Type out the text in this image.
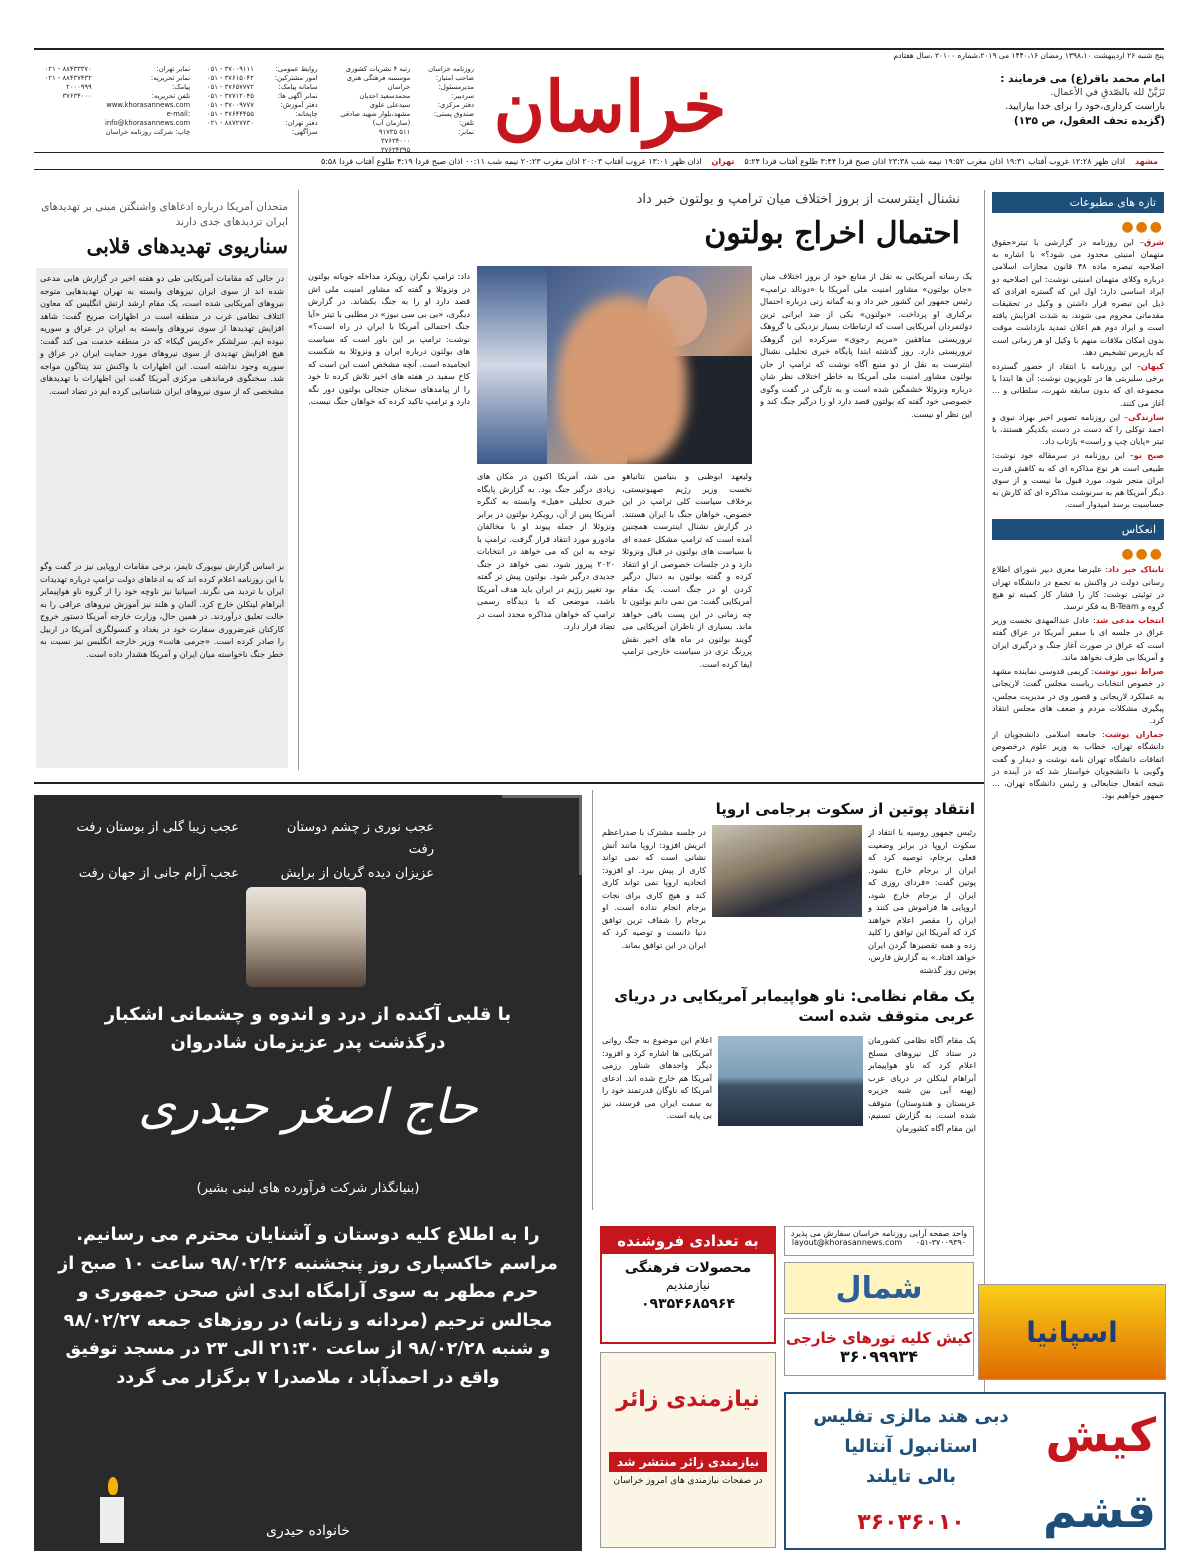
پنج شنبه ۲۶ اردیبهشت ۱۳۹۸،۱۰ رمضان ۱۴۴۰،۱۶ می ۲۰۱۹،شماره ۲۰۱۰۰ ،سال هفتادم
خراسان	امام محمد باقر(ع) می فرمایند :
تَزَيَّنْ لله بالصّدقِ في الأعمال.
باراست کرداری،خود را برای خدا بیارایید.
(گزیده تحف العقول، ص ۱۳۵)
روزنامه خراسان
صاحب امتیاز:
مدیرمسئول:
سردبیر:
دفتر مرکزی:
صندوق پستی:
تلفن:
نمابر:
رتبه ۴ نشریات کشوری
موسسه فرهنگی هنری خراسان
محمدسعید احدیان
سیدعلی علوی
مشهد،بلوار شهید صادقی (سازمان آب)
۵۱۱ ۹۱۷۳۵
۳۷۶۳۴۰۰۰
۳۷۶۳۴۳۹۵
روابط عمومی:
امور مشترکین:
سامانه پیامک:
نمابر آگهی ها:
دفتر آموزش:
چاپخانه:
دفتر تهران:
سرآگهی:
۳۷۰۰۹۱۱۱ - ۰۵۱
۳۷۶۱۵۰۴۲ - ۰۵۱
۳۷۶۵۷۷۷۲ - ۰۵۱
۳۷۷۱۲۰۴۵ - ۰۵۱
۳۷۰۰۹۷۷۷ - ۰۵۱
۳۷۶۴۴۴۵۵ - ۰۵۱
۸۸۷۲۷۷۳۰ - ۰۲۱
نمابر تهران:
نمابر تحریریه:
پیامک:
تلفن تحریریه:
www.khorasannews.com
e-mail: info@khorasannews.com
چاپ: شرکت روزنامه خراسان
۸۸۴۳۳۳۷۰ - ۰۲۱
۸۸۴۳۷۴۳۲ - ۰۲۱
۲۰۰۰۹۹۹
۳۷۶۳۴۰۰۰
مشهد
اذان ظهر ۱۲:۲۸ غروب آفتاب ۱۹:۳۱ اذان مغرب ۱۹:۵۲ نیمه شب ۲۳:۳۸ اذان صبح فردا ۳:۴۴ طلوع آفتاب فردا ۵:۲۴
تهران
اذان ظهر ۱۳:۰۱ غروب آفتاب ۲۰:۰۳ اذان مغرب ۲۰:۲۳ نیمه شب ۰۰:۱۱ اذان صبح فردا ۴:۱۹ طلوع آفتاب فردا ۵:۵۸
تازه های مطبوعات
●●●
شرق– این روزنامه در گزارشی با تیتر«حقوق متهمان امنیتی محدود می شود؟» با اشاره به اصلاحیه تبصره ماده ۴۸ قانون مجازات اسلامی درباره وکلای متهمان امنیتی نوشت: این اصلاحیه دو ایراد اساسی دارد؛ اول این که گستره افرادی که ذیل این تبصره قرار داشتن و وکیل در تحقیقات مقدماتی محروم می شوند، به شدت افزایش یافته است و ایراد دوم هم اعلان تمدید بازداشت موقت بدون امکان ملاقات منهم با وکیل او هر زمانی است که بازپرس تشخیص دهد.
کیهان– این روزنامه با انتقاد از حضور گسترده برخی سلبریتی ها در تلویزیون نوشت: آن ها ابتدا با مجموعه ای که بدون سابقه شهرت، سلطانی و ... آغاز می کنند.
سازندگی– این روزنامه تصویر اخیر بهزاد نبوی و احمد توکلی را که دست در دست بکدیگر هستند، با تیتر «پایان چپ و راست» بازتاب داد.
صبح نو– این روزنامه در سرمقاله خود نوشت: طبیعی است هر نوع مذاکره ای که به کاهش قدرت ایران منجر شود، مورد قبول ما نیست و از سوی دیگر آمریکا هم به سرنوشت مذاکره ای که کارش به حساسیت برسد امیدوار است.
انعکاس
●●●
تابناک خبر داد: علیرضا معزی دبیر شورای اطلاع رسانی دولت در واکنش به تجمع در دانشگاه تهران در توئیتی نوشت: کار را فشار کار کمیته تو هیچ گروه و B-Team به فکر نرسد.
انتخاب مدعی شد: عادل عبدالمهدی نخست وزیر عراق در جلسه ای با سفیر آمریکا در عراق گفته است که عراق در صورت آغاز جنگ و درگیری ایران و آمریکا بی طرف نخواهد ماند.
صراط نیوز نوشت: کریمی قدوسی نماینده مشهد در خصوص انتخابات ریاست مجلس گفت: لاریجانی به عملکرد لاریجانی و قصور وی در مدیریت مجلس، پیگیری مشکلات مردم و ضعف های مجلس انتقاد کرد.
جماران نوشت: جامعه اسلامی دانشجویان از دانشگاه تهران، خطاب به وزیر علوم درخصوص اتفاقات دانشگاه تهران نامه نوشت و دیدار و گفت وگویی با دانشجویان خواستار شد که در آینده در نتیجه انفعال جنابعالی و رئیس دانشگاه تهران، ... جمهور خواهیم بود.
نشنال اینترست از بروز اختلاف میان ترامپ و بولتون خبر داد
احتمال اخراج بولتون
یک رسانه آمریکایی به نقل از منابع خود از بروز اختلاف میان «جان بولتون» مشاور امنیت ملی آمریکا با «دونالد ترامپ» رئیس جمهور این کشور خبر داد و به گمانه زنی درباره احتمال برکناری او پرداخت. «بولتون» یکی از ضد ایرانی ترین دولتمردان آمریکایی است که ارتباطات بسیار نزدیکی با گروهک تروریستی منافقین «مریم رجوی» سرکرده این گروهک تروریستی دارد. روز گذشته ابتدا پایگاه خبری تحلیلی نشنال اینترست به نقل از دو منبع آگاه نوشت که ترامپ از جان بولتون مشاور امنیت ملی آمریکا به خاطر اختلاف نظر شان درباره ونزوئلا خشمگین شده است و به تازگی در گفت وگوی خصوصی خود گفته که بولتون قصد دارد او را درگیر جنگ کند و این نظر او نیست.
ولیعهد ابوظبی و بنیامین نتانیاهو نخست وزیر رژیم صهیونیستی، برخلاف سیاست کلی ترامپ در این خصوص، خواهان جنگ با ایران هستند. در گزارش نشنال اینترست همچنین آمده است که ترامپ مشکل عمده ای با سیاست های بولتون در قبال ونزوئلا دارد و در جلسات خصوصی از او انتقاد کرده و گفته بولتون به دنبال درگیر کردن او در جنگ است. یک مقام آمریکایی گفت: من نمی دانم بولتون تا چه زمانی در این پست باقی خواهد ماند. بسیاری از ناظران آمریکایی می گویند بولتون در ماه های اخیر نقش پررنگ تری در سیاست خارجی ترامپ ایفا کرده است.
می شد، آمریکا اکنون در مکان های زیادی درگیر جنگ بود. به گزارش پایگاه خبری تحلیلی «هیل» وابسته به کنگره آمریکا پس از آن، رویکرد بولتون در برابر ونزوئلا از جمله پیوند او با مخالفان مادورو مورد انتقاد قرار گرفت. ترامپ با توجه به این که می خواهد در انتخابات ۲۰۲۰ پیروز شود، نمی خواهد در جنگ جدیدی درگیر شود. بولتون پیش تر گفته بود تغییر رژیم در ایران باید هدف آمریکا باشد، موضعی که با دیدگاه رسمی ترامپ که خواهان مذاکره مجدد است در تضاد قرار دارد.
داد: ترامپ نگران رویکرد مداخله جویانه بولتون در ونزوئلا و گفته که مشاور امنیت ملی اش قصد دارد او را به جنگ بکشاند. در گزارش دیگری، «بی بی سی نیوز» در مطلبی با تیتر «آیا جنگ احتمالی آمریکا با ایران در راه است؟» نوشت: ترامپ بر این باور است که سیاست های بولتون درباره ایران و ونزوئلا به شکست انجامیده است. آنچه مشخص است این است که کاخ سفید در هفته های اخیر تلاش کرده تا خود را از پیامدهای سخنان جنجالی بولتون دور نگه دارد و ترامپ تاکید کرده که خواهان جنگ نیست.
متحدان آمریکا درباره ادعاهای واشنگتن مبنی بر تهدیدهای ایران تردیدهای جدی دارند
سناریوی تهدیدهای قلابی
در حالی که مقامات آمریکایی طی دو هفته اخیر در گزارش هایی مدعی شده اند از سوی ایران نیروهای وابسته به تهران تهدیدهایی متوجه نیروهای آمریکایی شده است، یک مقام ارشد ارتش انگلیس که معاون ائتلاف نظامی غرب در منطقه است در اظهارات صریح گفت: شاهد افزایش تهدیدها از سوی نیروهای وابسته به ایران در عراق و سوریه نبوده ایم. سرلشکر «کریس گیکا» که در منطقه خدمت می کند گفت: هیچ افزایش تهدیدی از سوی نیروهای مورد حمایت ایران در عراق و سوریه وجود نداشته است. این اظهارات با واکنش تند پنتاگون مواجه شد. سخنگوی فرماندهی مرکزی آمریکا گفت این اظهارات با تهدیدهای مشخصی که از سوی نیروهای ایران شناسایی کرده ایم در تضاد است.
بر اساس گزارش نیویورک تایمز، برخی مقامات اروپایی نیز در گفت وگو با این روزنامه اعلام کرده اند که به ادعاهای دولت ترامپ درباره تهدیدات ایران با تردید می نگرند. اسپانیا نیز ناوچه خود را از گروه ناو هواپیمابر آبراهام لینکلن خارج کرد. آلمان و هلند نیز آموزش نیروهای عراقی را به حالت تعلیق درآوردند. در همین حال، وزارت خارجه آمریکا دستور خروج کارکنان غیرضروری سفارت خود در بغداد و کنسولگری آمریکا در اربیل را صادر کرده است. «جرمی هانت» وزیر خارجه انگلیس نیز نسبت به خطر جنگ ناخواسته میان ایران و آمریکا هشدار داده است.
عجب نوری ز چشم دوستان رفت
عجب زیبا گلی از بوستان رفت
عزیزان دیده گریان از برایش
عجب آرام جانی از جهان رفت
با قلبی آکنده از درد و اندوه و چشمانی اشکبار
درگذشت پدر عزیزمان شادروان
حاج اصغر حیدری
(بنیانگذار شرکت فرآورده های لبنی بشیر)
را به اطلاع کلیه دوستان و آشنایان محترم می رسانیم. مراسم خاکسپاری روز پنجشنبه ۹۸/۰۲/۲۶ ساعت ۱۰ صبح از حرم مطهر به سوی آرامگاه ابدی اش صحن جمهوری و مجالس ترحیم (مردانه و زنانه) در روزهای جمعه ۹۸/۰۲/۲۷ و شنبه ۹۸/۰۲/۲۸ از ساعت ۲۱:۳۰ الی ۲۳ در مسجد توفیق واقع در احمدآباد ، ملاصدرا ۷ برگزار می گردد
خانواده حیدری
انتقاد پوتین از سکوت برجامی اروپا
رئیس جمهور روسیه با انتقاد از سکوت اروپا در برابر وضعیت فعلی برجام، توصیه کرد که ایران از برجام خارج نشود. پوتین گفت: «فردای روزی که ایران از برجام خارج شود، اروپایی ها فراموش می کنند و ایران را مقصر اعلام خواهند کرد که آمریکا این توافق را کلید زده و همه تقصیرها گردن ایران خواهد افتاد.» به گزارش فارس، پوتین روز گذشته
در جلسه مشترک با صدراعظم اتریش افزود: اروپا مانند آتش نشانی است که نمی تواند کاری از پیش ببرد. او افزود: اتحادیه اروپا نمی تواند کاری کند و هیچ کاری برای نجات برجام انجام نداده است. او برجام را شفاف ترین توافق دنیا دانست و توصیه کرد که ایران در این توافق بماند.
یک مقام نظامی: ناو هواپیمابر آمریکایی در دریای عربی متوقف شده است
یک مقام آگاه نظامی کشورمان در ستاد کل نیروهای مسلح اعلام کرد که ناو هواپیمابر آبراهام لینکلن در دریای عرب (پهنه آبی بین شبه جزیره عربستان و هندوستان) متوقف شده است. به گزارش تسنیم، این مقام آگاه کشورمان
اعلام این موضوع به جنگ روانی آمریکایی ها اشاره کرد و افزود: دیگر واحدهای شناور رزمی آمریکا هم خارج شده اند. ادعای آمریکا که ناوگان قدرتمند خود را به سمت ایران می فرستد، نیز بی پایه است.
به تعدادی فروشنده
محصولات فرهنگی
نیازمندیم
۰۹۳۵۴۶۸۵۹۶۴
واحد صفحه آرایی روزنامه خراسان سفارش می پذیرد
۰۵۱-۳۷۰۰۹۳۹۰
layout@khorasannews.com
شمال
کیش کلیه تورهای خارجی
۳۶۰۹۹۹۳۴
نیازمندی زائر
نیازمندی زائر منتشر شد
در صفحات نیازمندی های امروز خراسان
اسپانیا
کیش
قشم
دبی هند مالزی تفلیس
استانبول آنتالیا
بالی تایلند
۳۶۰۳۶۰۱۰
